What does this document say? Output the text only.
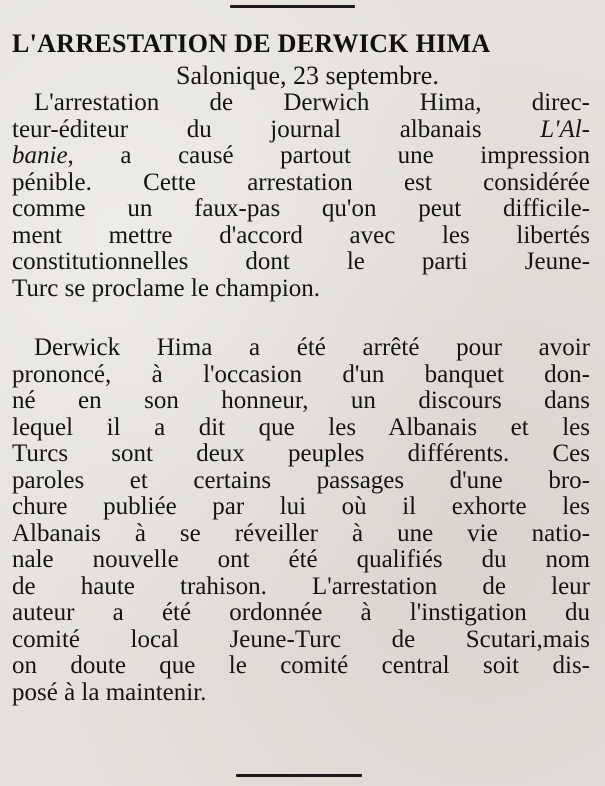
L'ARRESTATION DE DERWICK HIMA

Salonique, 23 septembre.

L'arrestation de Derwich Hima, direc-
teur-éditeur du journal albanais L'Al-
banie, a causé partout une impression
pénible. Cette arrestation est considérée
comme un faux-pas qu'on peut difficile-
ment mettre d'accord avec les libertés
constitutionnelles dont le parti Jeune-
Turc se proclame le champion.
Derwick Hima a été arrêté pour avoir
prononcé, à l'occasion d'un banquet don-
né en son honneur, un discours dans
lequel il a dit que les Albanais et les
Turcs sont deux peuples différents. Ces
paroles et certains passages d'une bro-
chure publiée par lui où il exhorte les
Albanais à se réveiller à une vie natio-
nale nouvelle ont été qualifiés du nom
de haute trahison. L'arrestation de leur
auteur a été ordonnée à l'instigation du
comité local Jeune-Turc de Scutari,mais
on doute que le comité central soit dis-
posé à la maintenir.
